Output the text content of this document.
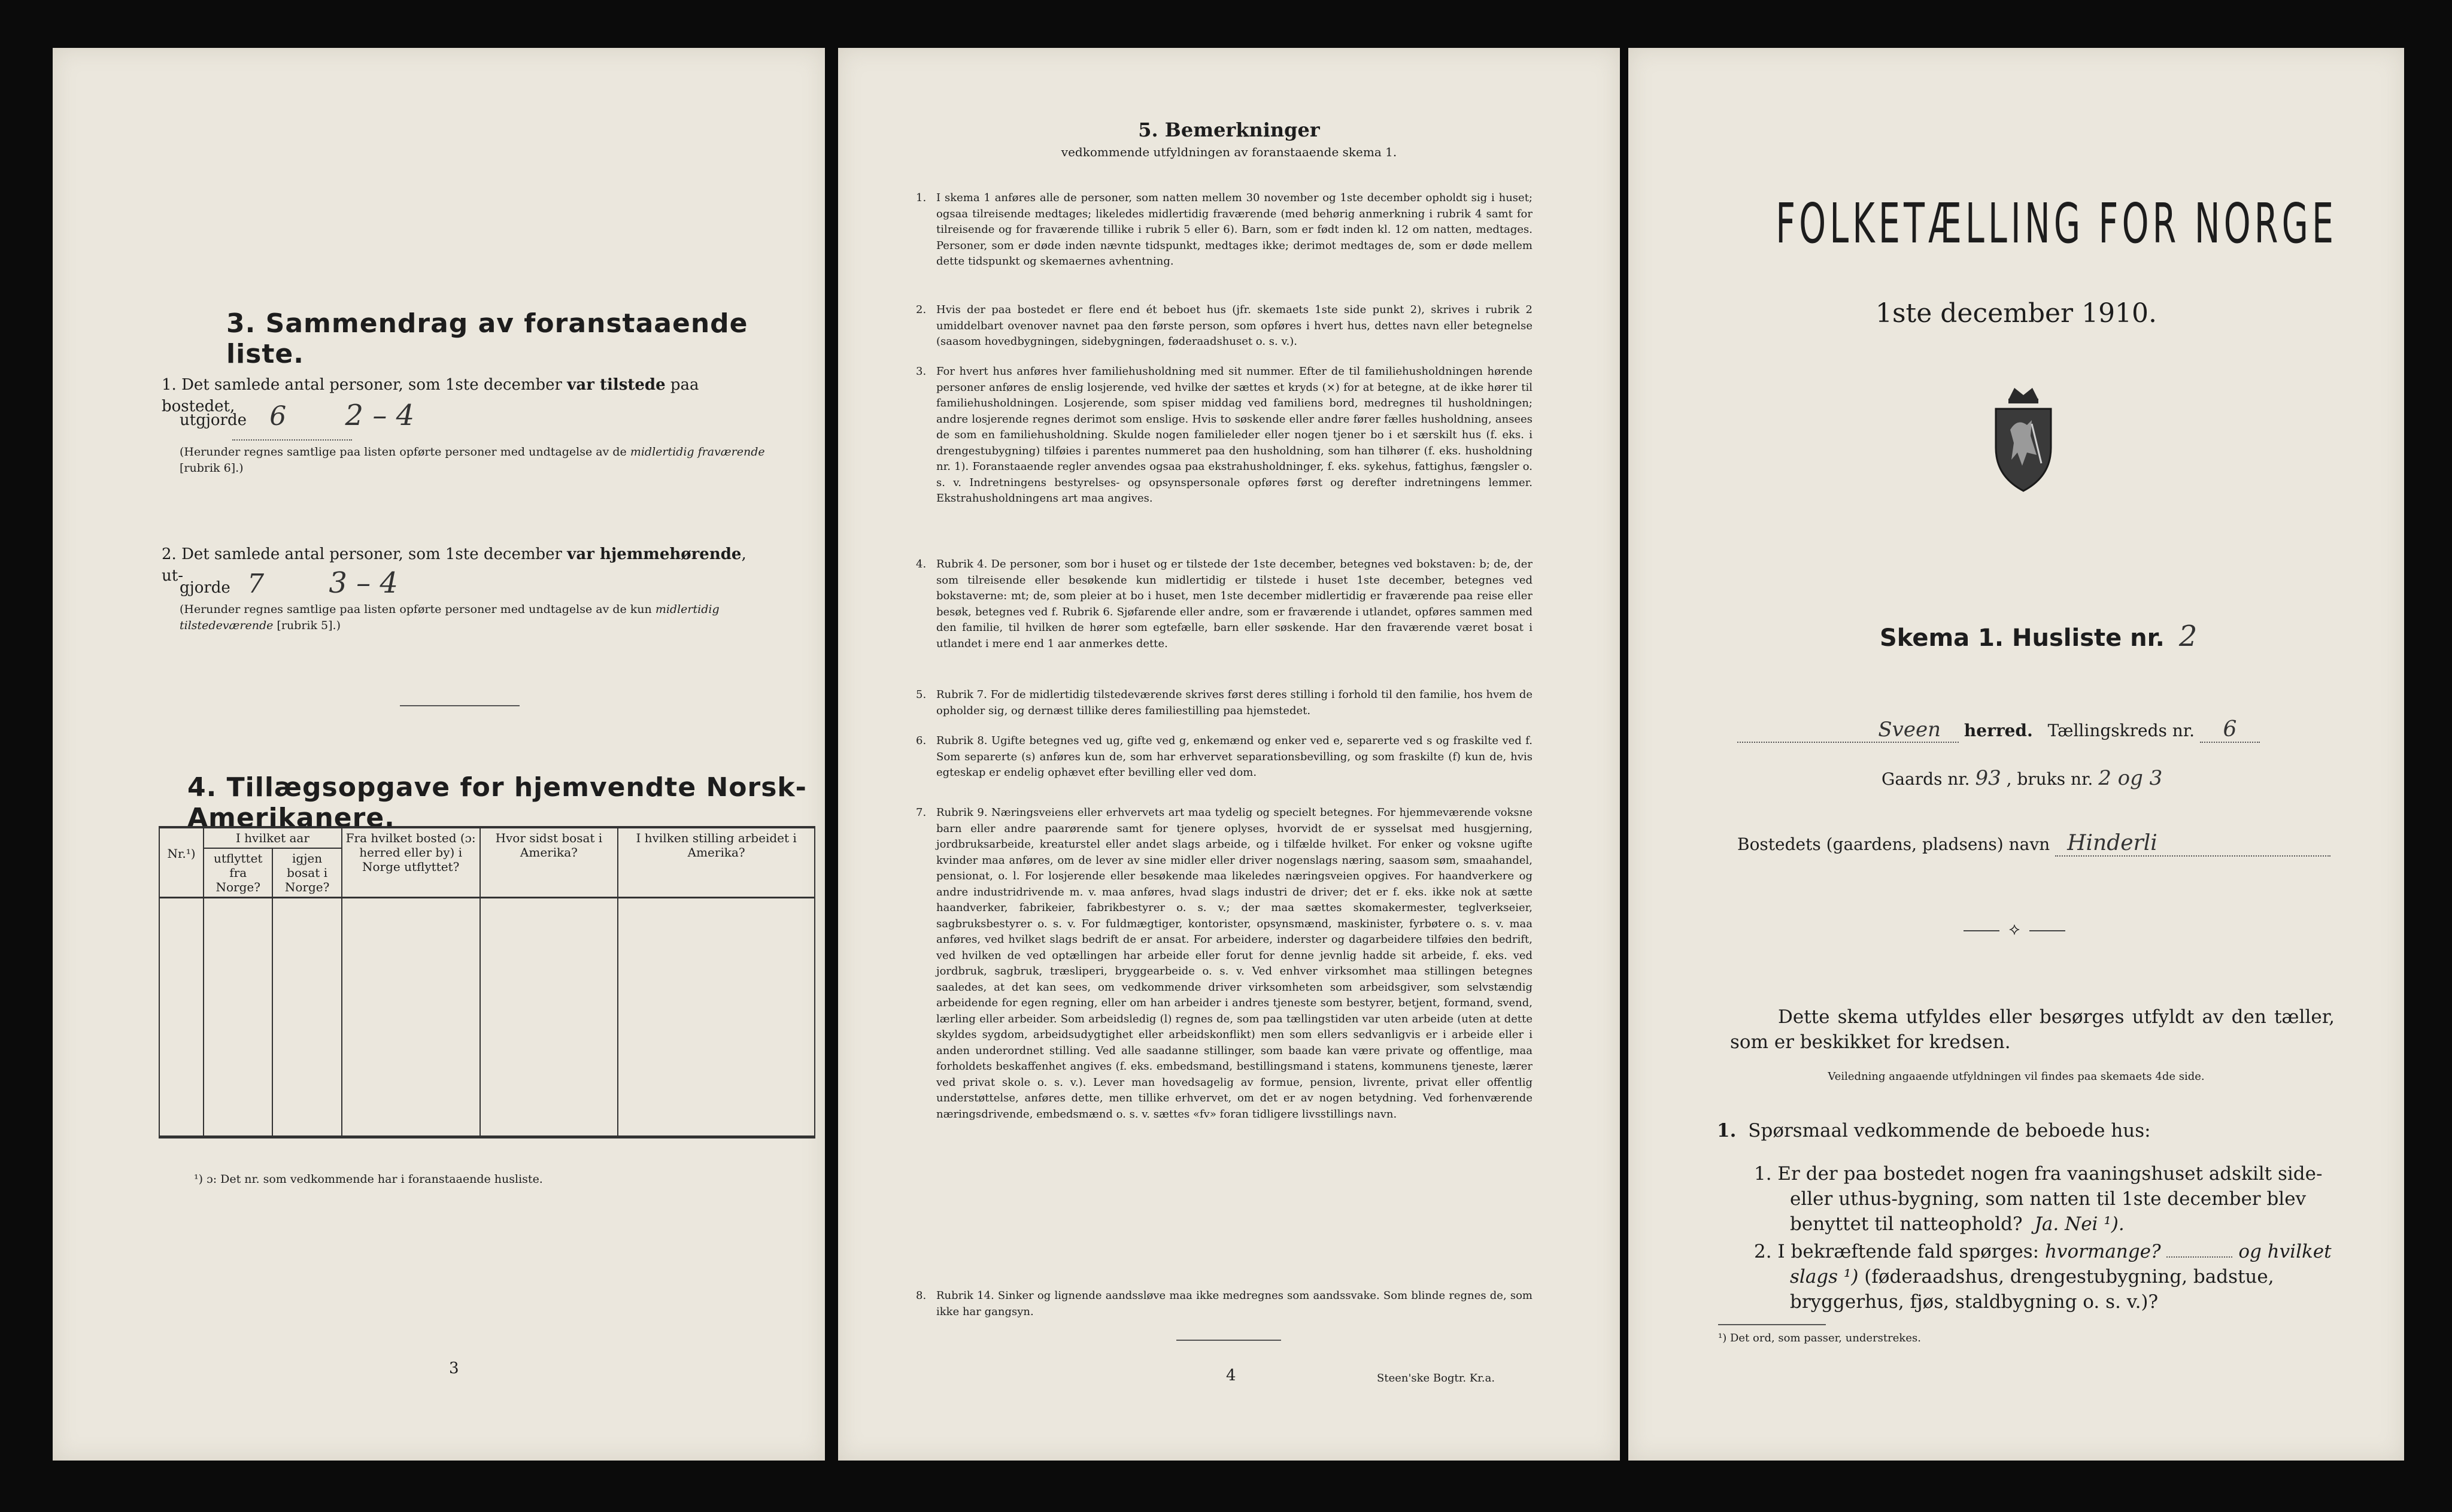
3. Sammendrag av foranstaaende liste.
1. Det samlede antal personer, som 1ste december var tilstede paa bostedet,
utgjorde 6 2 – 4
(Herunder regnes samtlige paa listen opførte personer med undtagelse av de midlertidig fraværende [rubrik 6].)
2. Det samlede antal personer, som 1ste december var hjemmehørende, ut-
gjorde 7 3 – 4
(Herunder regnes samtlige paa listen opførte personer med undtagelse av de kun midlertidig tilstedeværende [rubrik 5].)
4. Tillægsopgave for hjemvendte Norsk-Amerikanere.
Nr.¹)	I hvilket aar		Fra hvilket bosted (ɔ: herred eller by) i Norge utflyttet?	Hvor sidst bosat i Amerika?	I hvilken stilling arbeidet i Amerika?
	utflyttet fra Norge?	igjen bosat i Norge?			

¹) ɔ: Det nr. som vedkommende har i foranstaaende husliste.
3
5. Bemerkninger
vedkommende utfyldningen av foranstaaende skema 1.
1. I skema 1 anføres alle de personer, som natten mellem 30 november og 1ste december opholdt sig i huset; ogsaa tilreisende medtages; likeledes midlertidig fraværende (med behørig anmerkning i rubrik 4 samt for tilreisende og for fraværende tillike i rubrik 5 eller 6). Barn, som er født inden kl. 12 om natten, medtages. Personer, som er døde inden nævnte tidspunkt, medtages ikke; derimot medtages de, som er døde mellem dette tidspunkt og skemaernes avhentning.
2. Hvis der paa bostedet er flere end ét beboet hus (jfr. skemaets 1ste side punkt 2), skrives i rubrik 2 umiddelbart ovenover navnet paa den første person, som opføres i hvert hus, dettes navn eller betegnelse (saasom hovedbygningen, sidebygningen, føderaadshuset o. s. v.).
3. For hvert hus anføres hver familiehusholdning med sit nummer. Efter de til familiehusholdningen hørende personer anføres de enslig losjerende, ved hvilke der sættes et kryds (×) for at betegne, at de ikke hører til familiehusholdningen. Losjerende, som spiser middag ved familiens bord, medregnes til husholdningen; andre losjerende regnes derimot som enslige. Hvis to søskende eller andre fører fælles husholdning, ansees de som en familiehusholdning. Skulde nogen familieleder eller nogen tjener bo i et særskilt hus (f. eks. i drengestubygning) tilføies i parentes nummeret paa den husholdning, som han tilhører (f. eks. husholdning nr. 1). Foranstaaende regler anvendes ogsaa paa ekstrahusholdninger, f. eks. sykehus, fattighus, fængsler o. s. v. Indretningens bestyrelses- og opsynspersonale opføres først og derefter indretningens lemmer. Ekstrahusholdningens art maa angives.
4. Rubrik 4. De personer, som bor i huset og er tilstede der 1ste december, betegnes ved bokstaven: b; de, der som tilreisende eller besøkende kun midlertidig er tilstede i huset 1ste december, betegnes ved bokstaverne: mt; de, som pleier at bo i huset, men 1ste december midlertidig er fraværende paa reise eller besøk, betegnes ved f. Rubrik 6. Sjøfarende eller andre, som er fraværende i utlandet, opføres sammen med den familie, til hvilken de hører som egtefælle, barn eller søskende. Har den fraværende været bosat i utlandet i mere end 1 aar anmerkes dette.
5. Rubrik 7. For de midlertidig tilstedeværende skrives først deres stilling i forhold til den familie, hos hvem de opholder sig, og dernæst tillike deres familiestilling paa hjemstedet.
6. Rubrik 8. Ugifte betegnes ved ug, gifte ved g, enkemænd og enker ved e, separerte ved s og fraskilte ved f. Som separerte (s) anføres kun de, som har erhvervet separationsbevilling, og som fraskilte (f) kun de, hvis egteskap er endelig ophævet efter bevilling eller ved dom.
7. Rubrik 9. Næringsveiens eller erhvervets art maa tydelig og specielt betegnes. For hjemmeværende voksne barn eller andre paarørende samt for tjenere oplyses, hvorvidt de er sysselsat med husgjerning, jordbruksarbeide, kreaturstel eller andet slags arbeide, og i tilfælde hvilket. For enker og voksne ugifte kvinder maa anføres, om de lever av sine midler eller driver nogenslags næring, saasom søm, smaahandel, pensionat, o. l. For losjerende eller besøkende maa likeledes næringsveien opgives. For haandverkere og andre industridrivende m. v. maa anføres, hvad slags industri de driver; det er f. eks. ikke nok at sætte haandverker, fabrikeier, fabrikbestyrer o. s. v.; der maa sættes skomakermester, teglverkseier, sagbruksbestyrer o. s. v. For fuldmægtiger, kontorister, opsynsmænd, maskinister, fyrbøtere o. s. v. maa anføres, ved hvilket slags bedrift de er ansat. For arbeidere, inderster og dagarbeidere tilføies den bedrift, ved hvilken de ved optællingen har arbeide eller forut for denne jevnlig hadde sit arbeide, f. eks. ved jordbruk, sagbruk, træsliperi, bryggearbeide o. s. v. Ved enhver virksomhet maa stillingen betegnes saaledes, at det kan sees, om vedkommende driver virksomheten som arbeidsgiver, som selvstændig arbeidende for egen regning, eller om han arbeider i andres tjeneste som bestyrer, betjent, formand, svend, lærling eller arbeider. Som arbeidsledig (l) regnes de, som paa tællingstiden var uten arbeide (uten at dette skyldes sygdom, arbeidsudygtighet eller arbeidskonflikt) men som ellers sedvanligvis er i arbeide eller i anden underordnet stilling. Ved alle saadanne stillinger, som baade kan være private og offentlige, maa forholdets beskaffenhet angives (f. eks. embedsmand, bestillingsmand i statens, kommunens tjeneste, lærer ved privat skole o. s. v.). Lever man hovedsagelig av formue, pension, livrente, privat eller offentlig understøttelse, anføres dette, men tillike erhvervet, om det er av nogen betydning. Ved forhenværende næringsdrivende, embedsmænd o. s. v. sættes «fv» foran tidligere livsstillings navn.
8. Rubrik 14. Sinker og lignende aandssløve maa ikke medregnes som aandssvake. Som blinde regnes de, som ikke har gangsyn.
4	Steen'ske Bogtr. Kr.a.
FOLKETÆLLING FOR NORGE
1ste december 1910.
Skema 1. Husliste nr. 2
Sveen herred. Tællingskreds nr. 6
Gaards nr. 93 , bruks nr. 2 og 3
Bostedets (gaardens, pladsens) navn Hinderli
⟡
Dette skema utfyldes eller besørges utfyldt av den tæller, som er beskikket for kredsen.
Veiledning angaaende utfyldningen vil findes paa skemaets 4de side.
1. Spørsmaal vedkommende de beboede hus:
1. Er der paa bostedet nogen fra vaaningshuset adskilt side- eller uthus-bygning, som natten til 1ste december blev benyttet til natteophold? Ja. Nei ¹).
2. I bekræftende fald spørges: hvormange?	og hvilket slags ¹) (føderaadshus, drengestubygning, badstue, bryggerhus, fjøs, staldbygning o. s. v.)?
¹) Det ord, som passer, understrekes.
